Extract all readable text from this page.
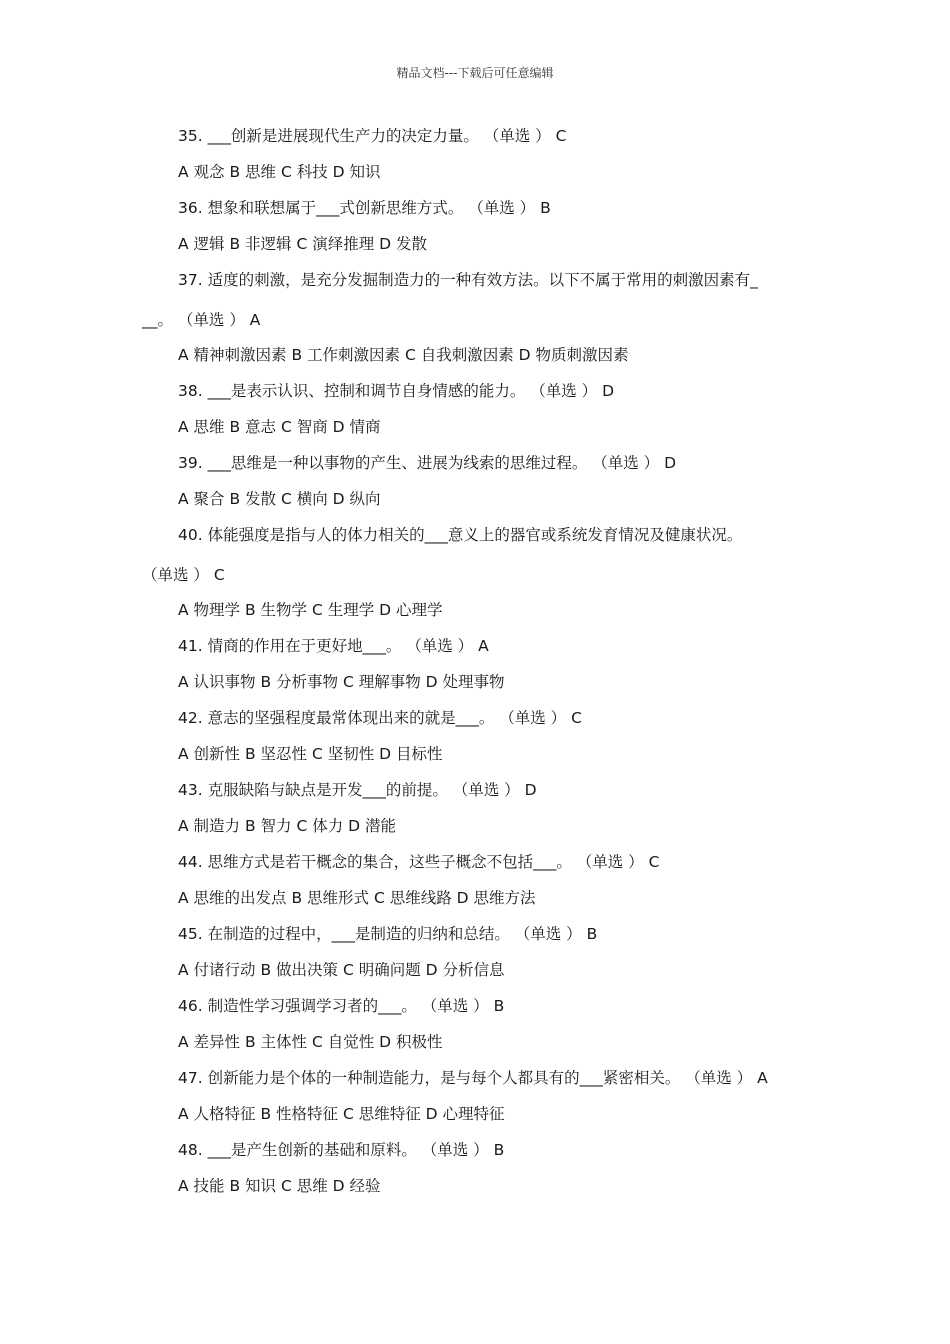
精品文档---下载后可任意编辑
35. ___创新是进展现代生产力的决定力量。 （单选 ） C
A 观念 B 思维 C 科技 D 知识
36. 想象和联想属于___式创新思维方式。 （单选 ） B
A 逻辑 B 非逻辑 C 演绎推理 D 发散
37. 适度的刺激，是充分发掘制造力的一种有效方法。以下不属于常用的刺激因素有_
__。 （单选 ） A
A 精神刺激因素 B 工作刺激因素 C 自我刺激因素 D 物质刺激因素
38. ___是表示认识、控制和调节自身情感的能力。 （单选 ） D
A 思维 B 意志 C 智商 D 情商
39. ___思维是一种以事物的产生、进展为线索的思维过程。 （单选 ） D
A 聚合 B 发散 C 横向 D 纵向
40. 体能强度是指与人的体力相关的___意义上的器官或系统发育情况及健康状况。
（单选 ） C
A 物理学 B 生物学 C 生理学 D 心理学
41. 情商的作用在于更好地___。 （单选 ） A
A 认识事物 B 分析事物 C 理解事物 D 处理事物
42. 意志的坚强程度最常体现出来的就是___。 （单选 ） C
A 创新性 B 坚忍性 C 坚韧性 D 目标性
43. 克服缺陷与缺点是开发___的前提。 （单选 ） D
A 制造力 B 智力 C 体力 D 潜能
44. 思维方式是若干概念的集合，这些子概念不包括___。 （单选 ） C
A 思维的出发点 B 思维形式 C 思维线路 D 思维方法
45. 在制造的过程中，___是制造的归纳和总结。 （单选 ） B
A 付诸行动 B 做出决策 C 明确问题 D 分析信息
46. 制造性学习强调学习者的___。 （单选 ） B
A 差异性 B 主体性 C 自觉性 D 积极性
47. 创新能力是个体的一种制造能力，是与每个人都具有的___紧密相关。 （单选 ） A
A 人格特征 B 性格特征 C 思维特征 D 心理特征
48. ___是产生创新的基础和原料。 （单选 ） B
A 技能 B 知识 C 思维 D 经验
